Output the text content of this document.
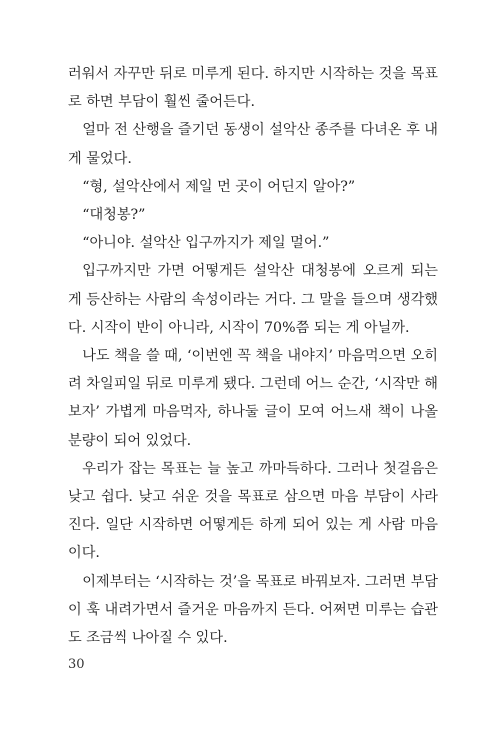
러워서 자꾸만 뒤로 미루게 된다. 하지만 시작하는 것을 목표로 하면 부담이 훨씬 줄어든다.

얼마 전 산행을 즐기던 동생이 설악산 종주를 다녀온 후 내게 물었다.

“형, 설악산에서 제일 먼 곳이 어딘지 알아?”

“대청봉?”

“아니야. 설악산 입구까지가 제일 멀어.”

입구까지만 가면 어떻게든 설악산 대청봉에 오르게 되는 게 등산하는 사람의 속성이라는 거다. 그 말을 들으며 생각했다. 시작이 반이 아니라, 시작이 70%쯤 되는 게 아닐까.

나도 책을 쓸 때, ‘이번엔 꼭 책을 내야지’ 마음먹으면 오히려 차일피일 뒤로 미루게 됐다. 그런데 어느 순간, ‘시작만 해보자’ 가볍게 마음먹자, 하나둘 글이 모여 어느새 책이 나올 분량이 되어 있었다.

우리가 잡는 목표는 늘 높고 까마득하다. 그러나 첫걸음은 낮고 쉽다. 낮고 쉬운 것을 목표로 삼으면 마음 부담이 사라진다. 일단 시작하면 어떻게든 하게 되어 있는 게 사람 마음이다.

이제부터는 ‘시작하는 것’을 목표로 바꿔보자. 그러면 부담이 훅 내려가면서 즐거운 마음까지 든다. 어쩌면 미루는 습관도 조금씩 나아질 수 있다.

30
